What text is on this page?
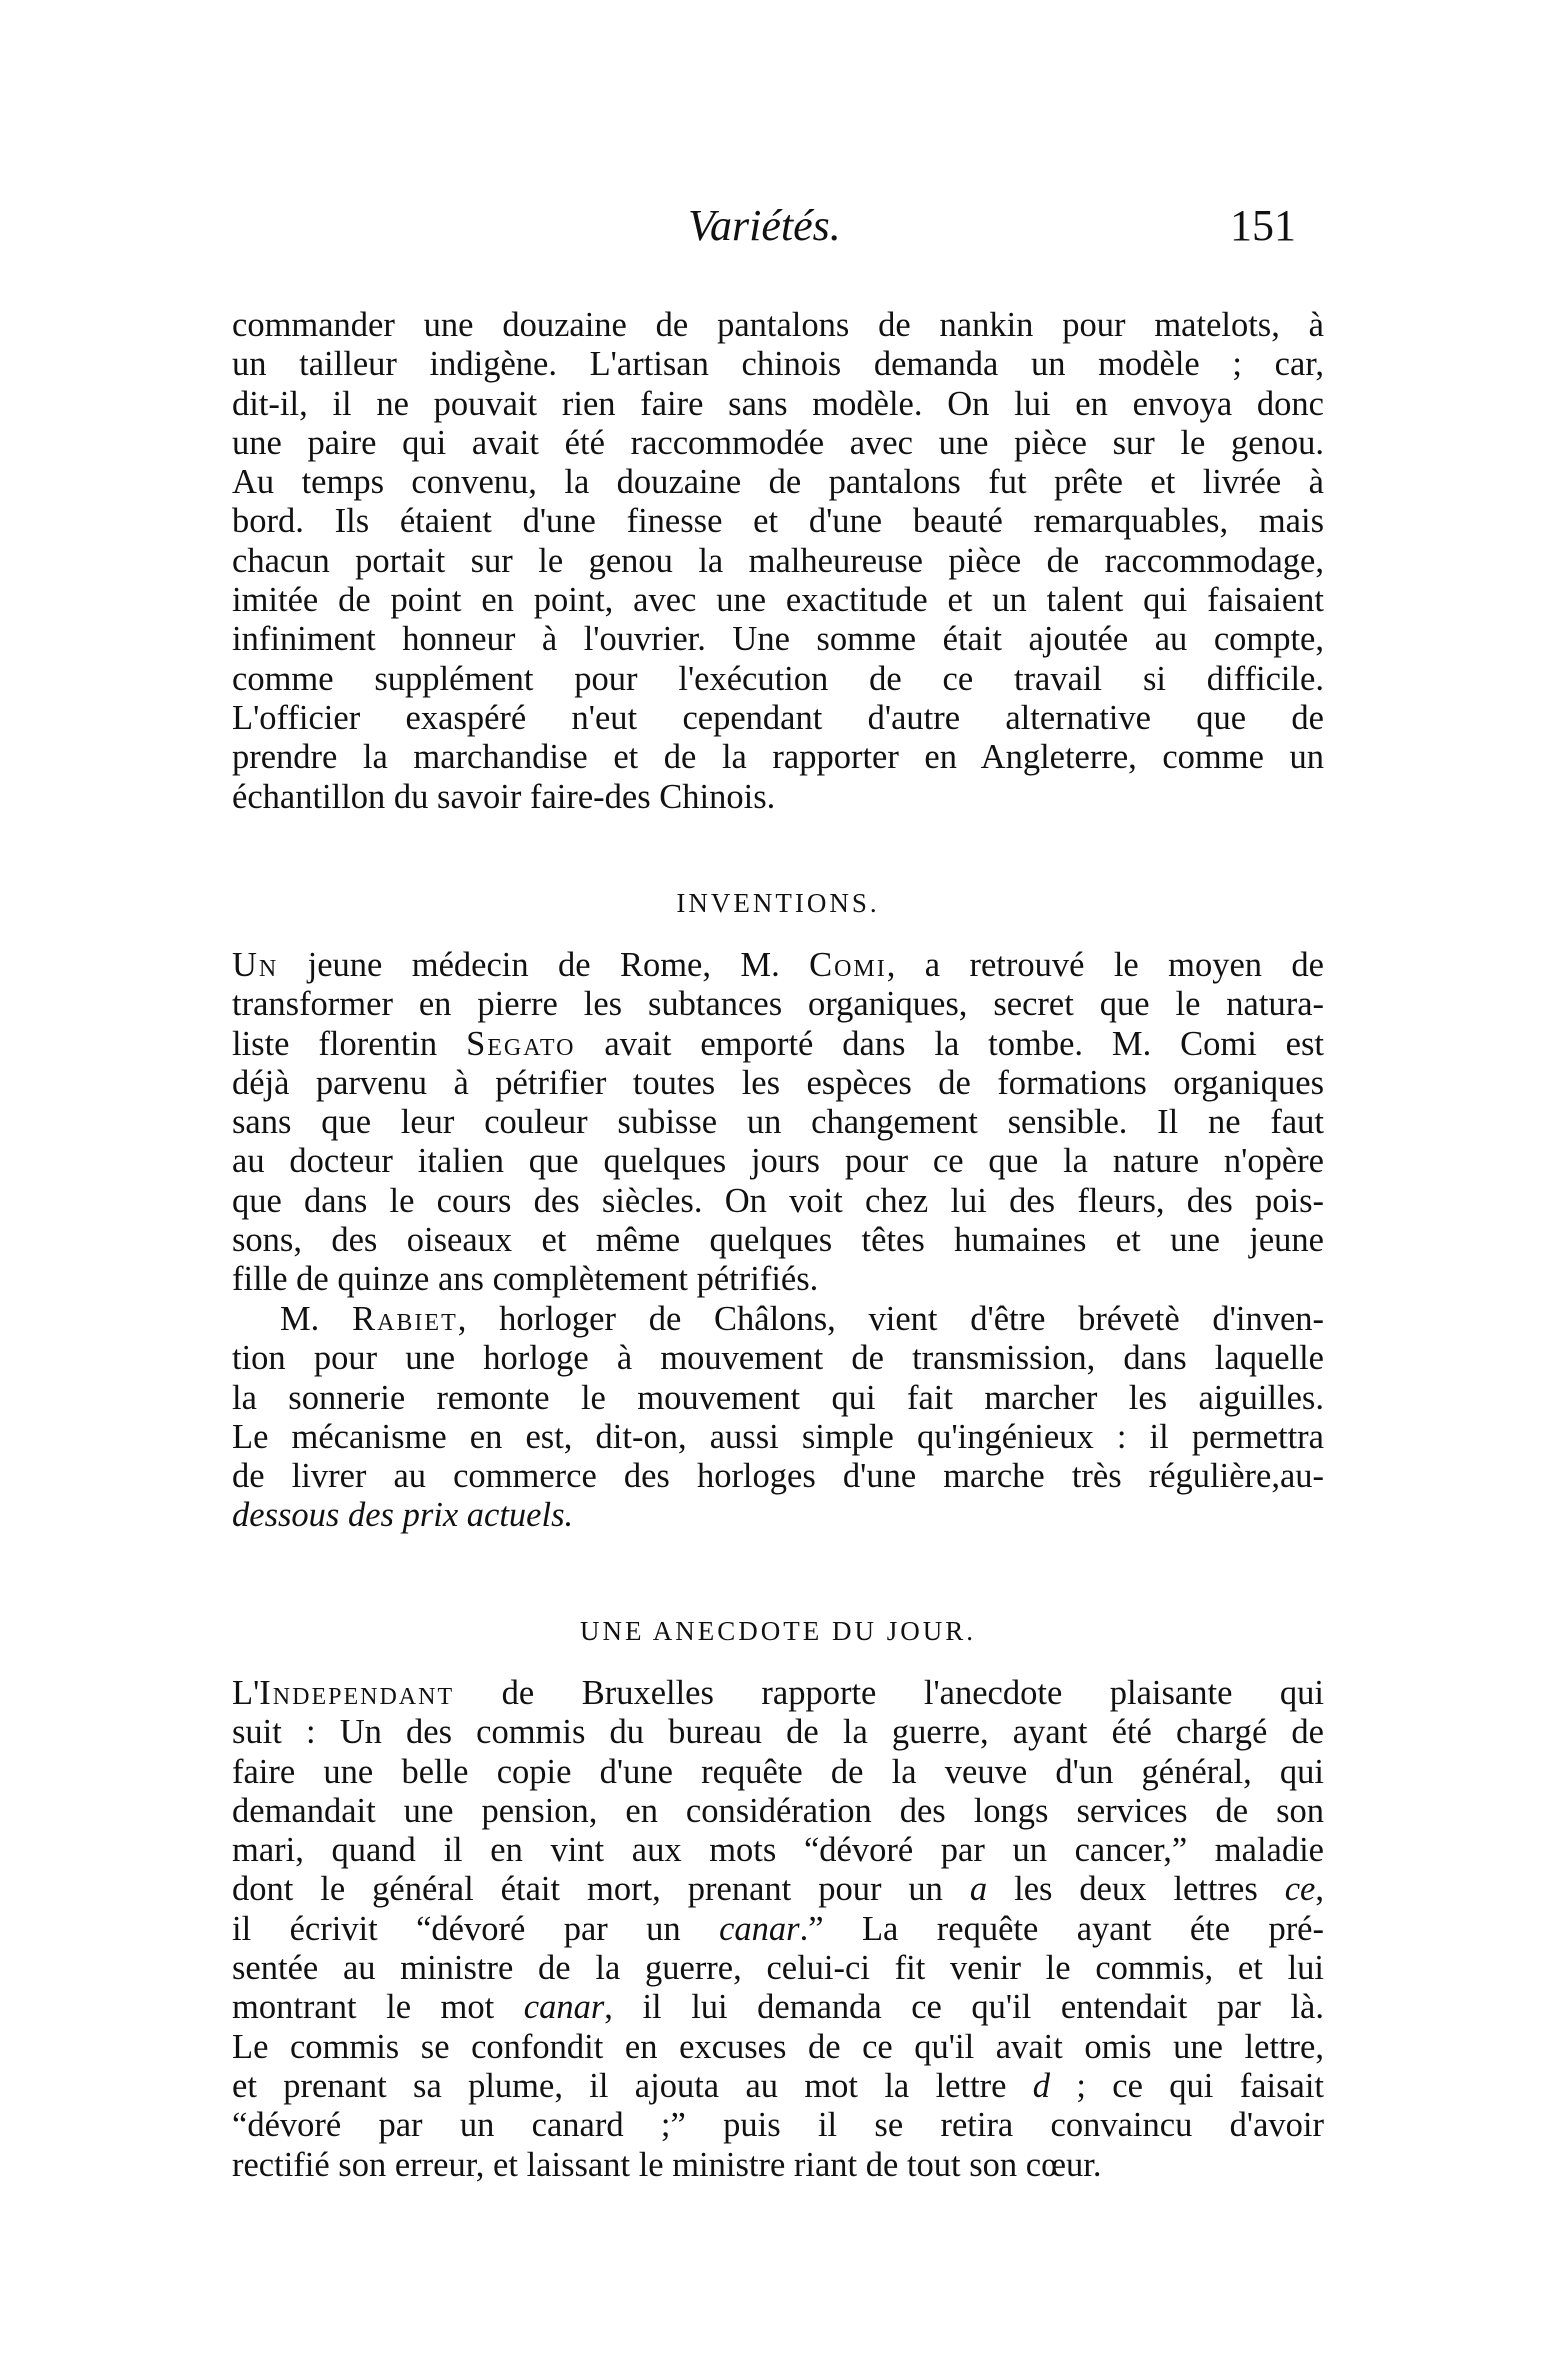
Variétés.	151
commander une douzaine de pantalons de nankin pour matelots, à
un tailleur indigène. L'artisan chinois demanda un modèle ; car,
dit-il, il ne pouvait rien faire sans modèle. On lui en envoya donc
une paire qui avait été raccommodée avec une pièce sur le genou.
Au temps convenu, la douzaine de pantalons fut prête et livrée à
bord. Ils étaient d'une finesse et d'une beauté remarquables, mais
chacun portait sur le genou la malheureuse pièce de raccommodage,
imitée de point en point, avec une exactitude et un talent qui faisaient
infiniment honneur à l'ouvrier. Une somme était ajoutée au compte,
comme supplément pour l'exécution de ce travail si difficile.
L'officier exaspéré n'eut cependant d'autre alternative que de
prendre la marchandise et de la rapporter en Angleterre, comme un
échantillon du savoir faire-des Chinois.
INVENTIONS.
Un jeune médecin de Rome, M. Comi, a retrouvé le moyen de
transformer en pierre les subtances organiques, secret que le natura-
liste florentin Segato avait emporté dans la tombe. M. Comi est
déjà parvenu à pétrifier toutes les espèces de formations organiques
sans que leur couleur subisse un changement sensible. Il ne faut
au docteur italien que quelques jours pour ce que la nature n'opère
que dans le cours des siècles. On voit chez lui des fleurs, des pois-
sons, des oiseaux et même quelques têtes humaines et une jeune
fille de quinze ans complètement pétrifiés.
M. Rabiet, horloger de Châlons, vient d'être brévetè d'inven-
tion pour une horloge à mouvement de transmission, dans laquelle
la sonnerie remonte le mouvement qui fait marcher les aiguilles.
Le mécanisme en est, dit-on, aussi simple qu'ingénieux : il permettra
de livrer au commerce des horloges d'une marche très régulière,au-
dessous des prix actuels.
UNE ANECDOTE DU JOUR.
L'Independant de Bruxelles rapporte l'anecdote plaisante qui
suit : Un des commis du bureau de la guerre, ayant été chargé de
faire une belle copie d'une requête de la veuve d'un général, qui
demandait une pension, en considération des longs services de son
mari, quand il en vint aux mots “dévoré par un cancer,” maladie
dont le général était mort, prenant pour un a les deux lettres ce,
il écrivit “dévoré par un canar.” La requête ayant éte pré-
sentée au ministre de la guerre, celui-ci fit venir le commis, et lui
montrant le mot canar, il lui demanda ce qu'il entendait par là.
Le commis se confondit en excuses de ce qu'il avait omis une lettre,
et prenant sa plume, il ajouta au mot la lettre d ; ce qui faisait
“dévoré par un canard ;” puis il se retira convaincu d'avoir
rectifié son erreur, et laissant le ministre riant de tout son cœur.
